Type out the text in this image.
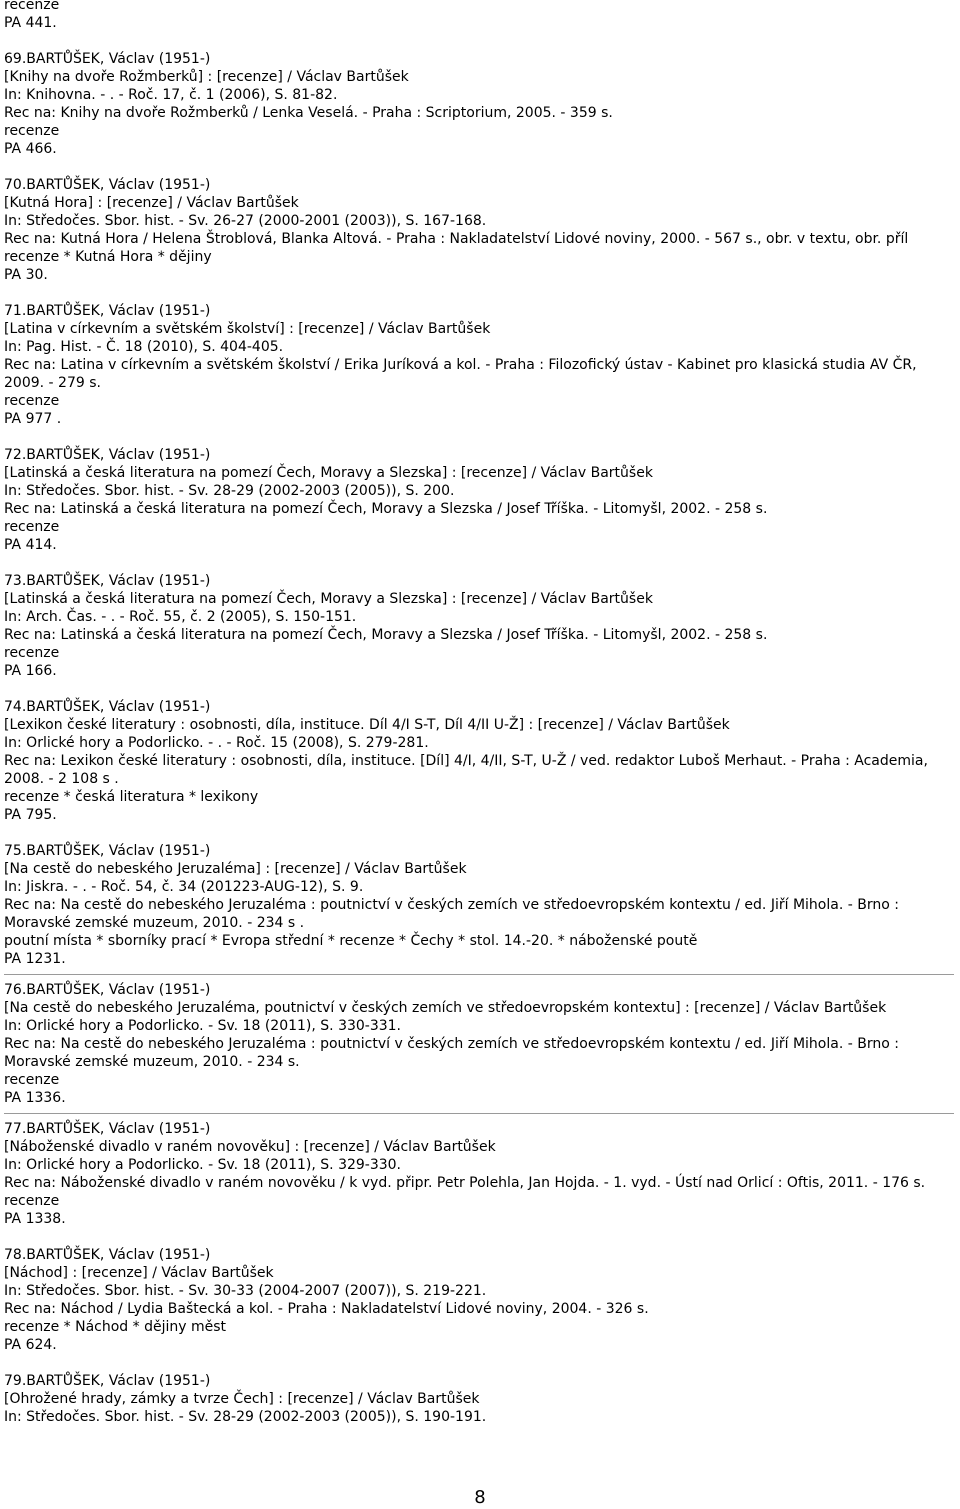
recenze
PA 441.
69.BARTŮŠEK, Václav (1951-)
[Knihy na dvoře Rožmberků] : [recenze] / Václav Bartůšek
In: Knihovna. - . - Roč. 17, č. 1 (2006), S. 81-82.
Rec na: Knihy na dvoře Rožmberků / Lenka Veselá. - Praha : Scriptorium, 2005. - 359 s.
recenze
PA 466.
70.BARTŮŠEK, Václav (1951-)
[Kutná Hora] : [recenze] / Václav Bartůšek
In: Středočes. Sbor. hist. - Sv. 26-27 (2000-2001 (2003)), S. 167-168.
Rec na: Kutná Hora / Helena Štroblová, Blanka Altová. - Praha : Nakladatelství Lidové noviny, 2000. - 567 s., obr. v textu, obr. příl
recenze * Kutná Hora * dějiny
PA 30.
71.BARTŮŠEK, Václav (1951-)
[Latina v církevním a světském školství] : [recenze] / Václav Bartůšek
In: Pag. Hist. - Č. 18 (2010), S. 404-405.
Rec na: Latina v církevním a světském školství / Erika Juríková a kol. - Praha : Filozofický ústav - Kabinet pro klasická studia AV ČR, 2009. - 279 s.
recenze
PA 977 .
72.BARTŮŠEK, Václav (1951-)
[Latinská a česká literatura na pomezí Čech, Moravy a Slezska] : [recenze] / Václav Bartůšek
In: Středočes. Sbor. hist. - Sv. 28-29 (2002-2003 (2005)), S. 200.
Rec na: Latinská a česká literatura na pomezí Čech, Moravy a Slezska / Josef Tříška. - Litomyšl, 2002. - 258 s.
recenze
PA 414.
73.BARTŮŠEK, Václav (1951-)
[Latinská a česká literatura na pomezí Čech, Moravy a Slezska] : [recenze] / Václav Bartůšek
In: Arch. Čas. - . - Roč. 55, č. 2 (2005), S. 150-151.
Rec na: Latinská a česká literatura na pomezí Čech, Moravy a Slezska / Josef Tříška. - Litomyšl, 2002. - 258 s.
recenze
PA 166.
74.BARTŮŠEK, Václav (1951-)
[Lexikon české literatury : osobnosti, díla, instituce. Díl 4/I S-T, Díl 4/II U-Ž] : [recenze] / Václav Bartůšek
In: Orlické hory a Podorlicko. - . - Roč. 15 (2008), S. 279-281.
Rec na: Lexikon české literatury : osobnosti, díla, instituce. [Díl] 4/I, 4/II, S-T, U-Ž / ved. redaktor Luboš Merhaut. - Praha : Academia, 2008. - 2 108 s .
recenze * česká literatura * lexikony
PA 795.
75.BARTŮŠEK, Václav (1951-)
[Na cestě do nebeského Jeruzaléma] : [recenze] / Václav Bartůšek
In: Jiskra. - . - Roč. 54, č. 34 (201223-AUG-12), S. 9.
Rec na: Na cestě do nebeského Jeruzaléma : poutnictví v českých zemích ve středoevropském kontextu / ed. Jiří Mihola. - Brno : Moravské zemské muzeum, 2010. - 234 s .
poutní místa * sborníky prací * Evropa střední * recenze * Čechy * stol. 14.-20. * náboženské poutě
PA 1231.
76.BARTŮŠEK, Václav (1951-)
[Na cestě do nebeského Jeruzaléma, poutnictví v českých zemích ve středoevropském kontextu] : [recenze] / Václav Bartůšek
In: Orlické hory a Podorlicko. - Sv. 18 (2011), S. 330-331.
Rec na: Na cestě do nebeského Jeruzaléma : poutnictví v českých zemích ve středoevropském kontextu / ed. Jiří Mihola. - Brno : Moravské zemské muzeum, 2010. - 234 s.
recenze
PA 1336.
77.BARTŮŠEK, Václav (1951-)
[Náboženské divadlo v raném novověku] : [recenze] / Václav Bartůšek
In: Orlické hory a Podorlicko. - Sv. 18 (2011), S. 329-330.
Rec na: Náboženské divadlo v raném novověku / k vyd. připr. Petr Polehla, Jan Hojda. - 1. vyd. - Ústí nad Orlicí : Oftis, 2011. - 176 s.
recenze
PA 1338.
78.BARTŮŠEK, Václav (1951-)
[Náchod] : [recenze] / Václav Bartůšek
In: Středočes. Sbor. hist. - Sv. 30-33 (2004-2007 (2007)), S. 219-221.
Rec na: Náchod / Lydia Baštecká a kol. - Praha : Nakladatelství Lidové noviny, 2004. - 326 s.
recenze * Náchod * dějiny měst
PA 624.
79.BARTŮŠEK, Václav (1951-)
[Ohrožené hrady, zámky a tvrze Čech] : [recenze] / Václav Bartůšek
In: Středočes. Sbor. hist. - Sv. 28-29 (2002-2003 (2005)), S. 190-191.
8
